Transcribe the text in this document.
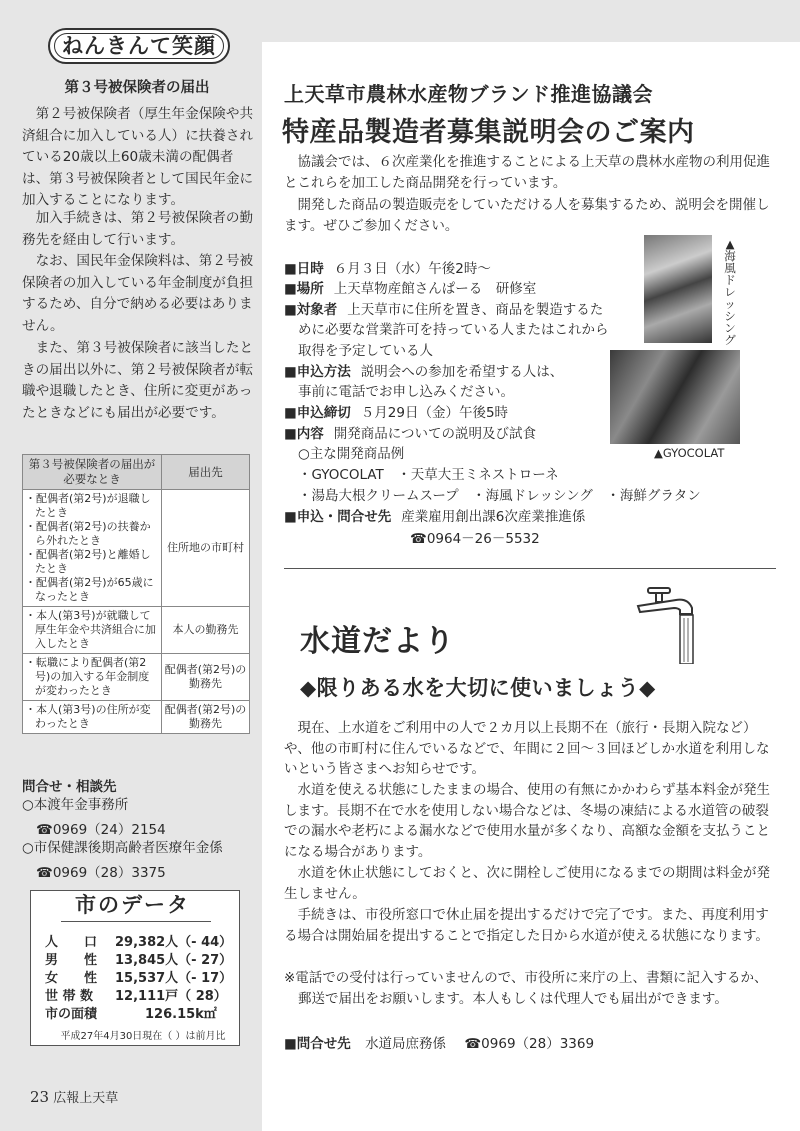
ねんきんて笑顔
第３号被保険者の届出

第２号被保険者（厚生年金保険や共済組合に加入している人）に扶養されている20歳以上60歳未満の配偶者は、第３号被保険者として国民年金に加入することになります。

加入手続きは、第２号被保険者の勤務先を経由して行います。

なお、国民年金保険料は、第２号被保険者の加入している年金制度が負担するため、自分で納める必要はありません。

また、第３号被保険者に該当したときの届出以外に、第２号被保険者が転職や退職したとき、住所に変更があったときなどにも届出が必要です。

第３号被保険者の届出が必要なとき	届出先

・配偶者(第2号)が退職したとき
・配偶者(第2号)の扶養から外れたとき
・配偶者(第2号)と離婚したとき
・配偶者(第2号)が65歳になったとき	住所地の市町村

・本人(第3号)が就職して厚生年金や共済組合に加入したとき	本人の勤務先

・転職により配偶者(第2号)の加入する年金制度が変わったとき	配偶者(第2号)の勤務先

・本人(第3号)の住所が変わったとき	配偶者(第2号)の勤務先
問合せ・相談先
○本渡年金事務所
☎0969（24）2154
○市保健課後期高齢者医療年金係
☎0969（28）3375
市のデータ
人　　口	29,382人（- 44）
男　　性	13,845人（- 27）
女　　性	15,537人（- 17）
世 帯 数	12,111戸（ 28）
市の面積	126.15k㎡
平成27年4月30日現在（ ）は前月比
23 広報上天草
上天草市農林水産物ブランド推進協議会
特産品製造者募集説明会のご案内

協議会では、６次産業化を推進することによる上天草の農林水産物の利用促進とこれらを加工した商品開発を行っています。

開発した商品の製造販売をしていただける人を募集するため、説明会を開催します。ぜひご参加ください。

▲海風ドレッシング
▲GYOCOLAT
■日時 ６月３日（水）午後2時～
■場所 上天草物産館さんぱーる　研修室
■対象者 上天草市に住所を置き、商品を製造するた
めに必要な営業許可を持っている人またはこれから
取得を予定している人
■申込方法 説明会への参加を希望する人は、
事前に電話でお申し込みください。
■申込締切 ５月29日（金）午後5時
■内容 開発商品についての説明及び試食
○主な開発商品例
・GYOCOLAT　・天草大王ミネストローネ
・湯島大根クリームスープ　・海風ドレッシング　・海鮮グラタン
■申込・問合せ先 産業雇用創出課6次産業推進係
☎0964－26－5532
水道だより
◆限りある水を大切に使いましょう◆

現在、上水道をご利用中の人で２カ月以上長期不在（旅行・長期入院など）や、他の市町村に住んでいるなどで、年間に２回～３回ほどしか水道を利用しないという皆さまへお知らせです。

水道を使える状態にしたままの場合、使用の有無にかかわらず基本料金が発生します。長期不在で水を使用しない場合などは、冬場の凍結による水道管の破裂での漏水や老朽による漏水などで使用水量が多くなり、高額な金額を支払うことになる場合があります。

水道を休止状態にしておくと、次に開栓しご使用になるまでの期間は料金が発生しません。

手続きは、市役所窓口で休止届を提出するだけで完了です。また、再度利用する場合は開始届を提出することで指定した日から水道が使える状態になります。

※電話での受付は行っていませんので、市役所に来庁の上、書類に記入するか、郵送で届出をお願いします。本人もしくは代理人でも届出ができます。

■問合せ先 水道局庶務係 ☎0969（28）3369
